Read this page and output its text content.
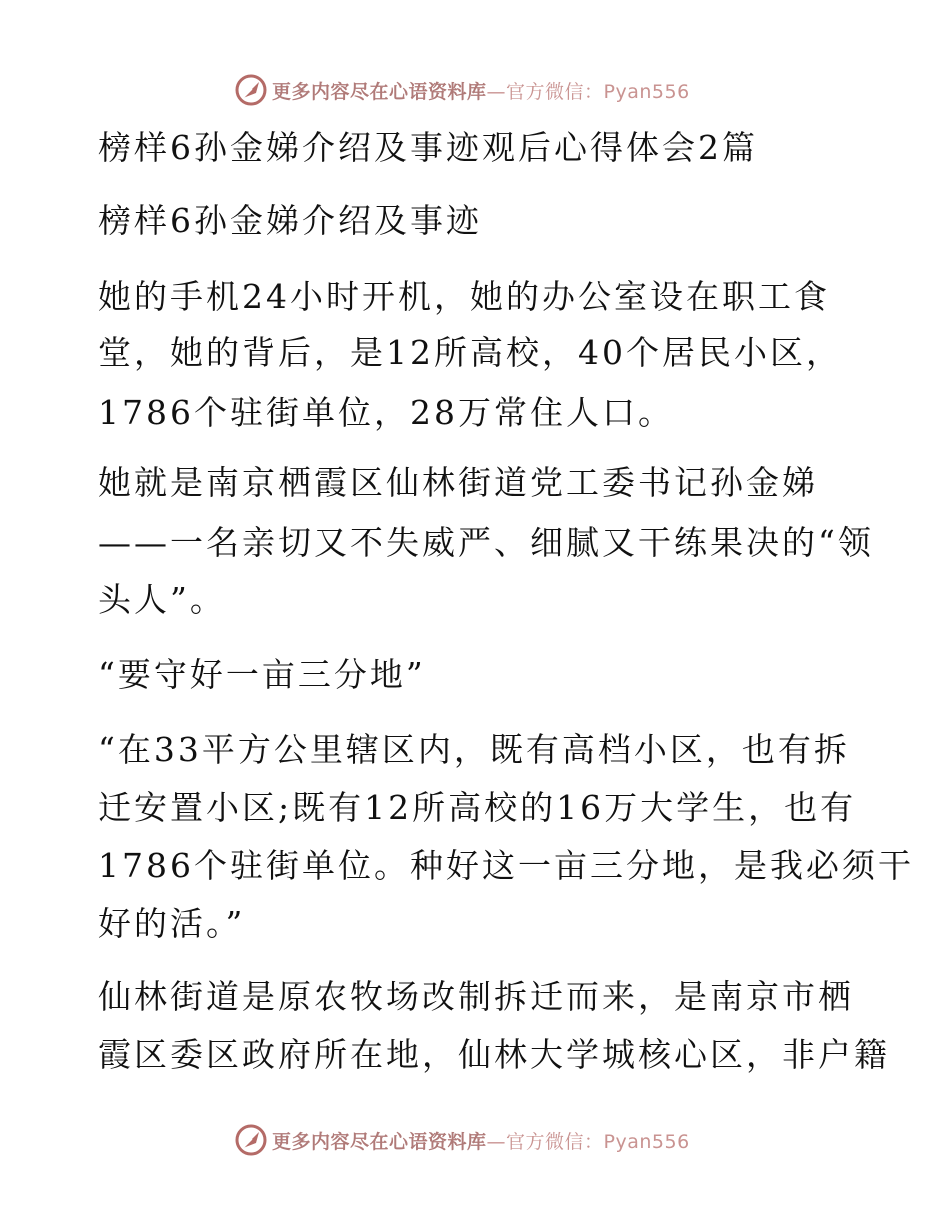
更多内容尽在心语资料库 —官方微信：Pyan556
榜样6孙金娣介绍及事迹观后心得体会2篇
榜样6孙金娣介绍及事迹

她的手机24小时开机，她的办公室设在职工食

堂，她的背后，是12所高校，40个居民小区，

1786个驻街单位，28万常住人口。

她就是南京栖霞区仙林街道党工委书记孙金娣

——一名亲切又不失威严、细腻又干练果决的“领

头人”。

“要守好一亩三分地”

“在33平方公里辖区内，既有高档小区，也有拆

迁安置小区;既有12所高校的16万大学生，也有

1786个驻街单位。种好这一亩三分地，是我必须干

好的活。”

仙林街道是原农牧场改制拆迁而来，是南京市栖

霞区委区政府所在地，仙林大学城核心区，非户籍

更多内容尽在心语资料库 —官方微信：Pyan556
